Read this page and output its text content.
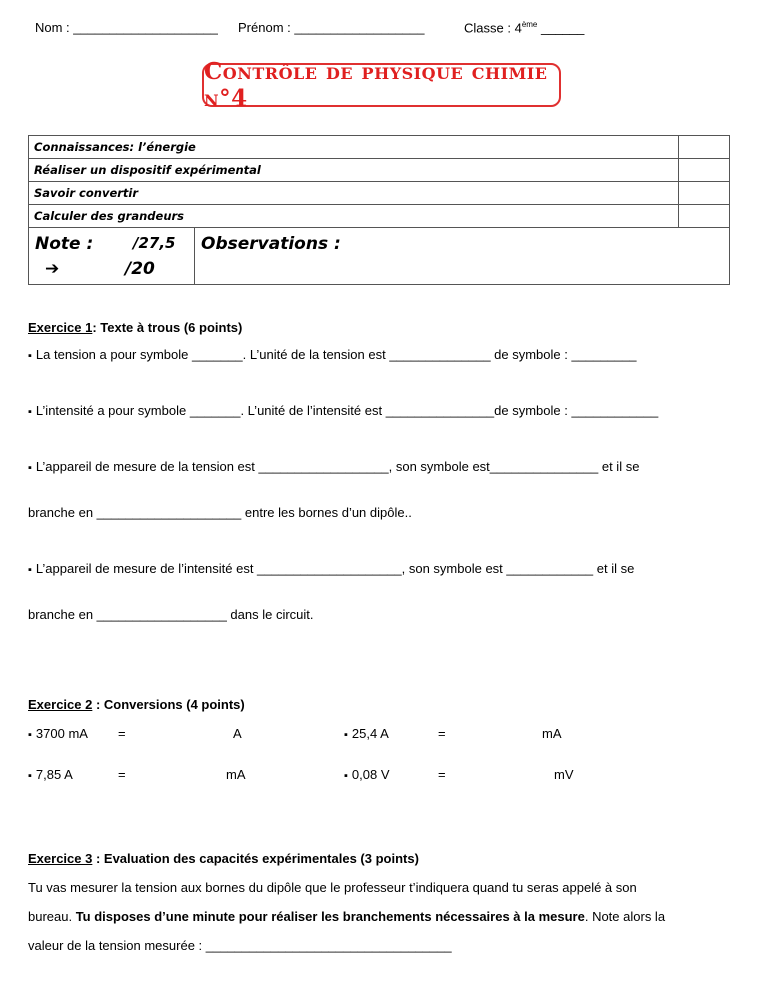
Nom : ____________________ Prénom : __________________	Classe : 4ème ______
Contrôle de physique chimie n°4
Connaissances: l’énergie	
Réaliser un dispositif expérimental	
Savoir convertir	
Calculer des grandeurs	

Note : /27,5
➔ /20
Observations :	
Exercice 1: Texte à trous (6 points)
▪ La tension a pour symbole _______. L’unité de la tension est ______________ de symbole : _________
▪ L’intensité a pour symbole _______. L’unité de l’intensité est _______________de symbole : ____________
▪ L’appareil de mesure de la tension est __________________, son symbole est_______________ et il se
branche en ____________________ entre les bornes d’un dipôle..
▪ L’appareil de mesure de l’intensité est ____________________, son symbole est ____________ et il se
branche en __________________ dans le circuit.
Exercice 2 : Conversions (4 points)
▪ 3700 mA =	A	▪ 25,4 A	=	mA
▪ 7,85 A	=	mA	▪ 0,08 V	=	mV
Exercice 3 : Evaluation des capacités expérimentales (3 points)
Tu vas mesurer la tension aux bornes du dipôle que le professeur t’indiquera quand tu seras appelé à son
bureau. Tu disposes d’une minute pour réaliser les branchements nécessaires à la mesure. Note alors la
valeur de la tension mesurée : __________________________________
